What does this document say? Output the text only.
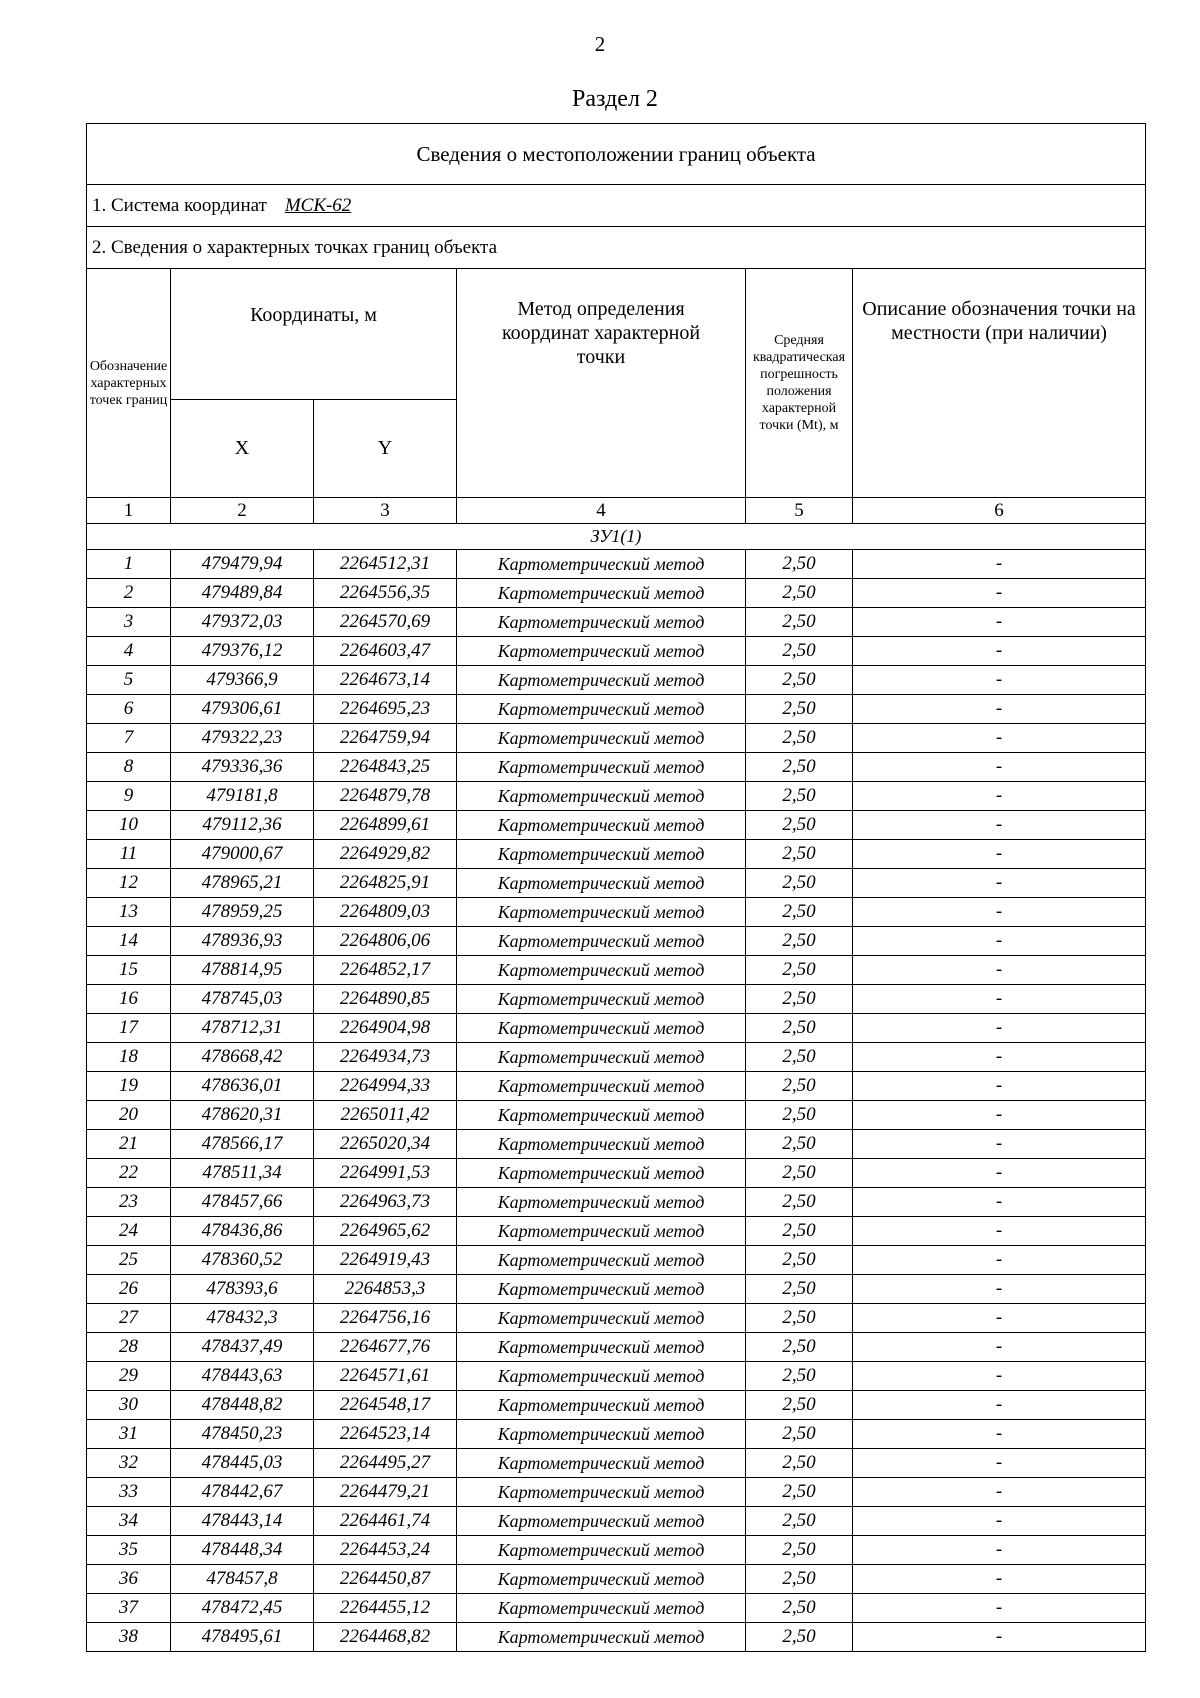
2
Раздел 2
Сведения о местоположении границ объекта					
1. Система координат МСК-62					
2. Сведения о характерных точках границ объекта					
Обозначение характерных точек границ	Координаты, м		Метод определения координат характерной точки	Средняя квадратическая погрешность положения характерной точки (Мt), м	Описание обозначения точки на местности (при наличии)
	X	Y			
1	2	3	4	5	6
ЗУ1(1)					
1	479479,94	2264512,31	Картометрический метод	2,50	-
2	479489,84	2264556,35	Картометрический метод	2,50	-
3	479372,03	2264570,69	Картометрический метод	2,50	-
4	479376,12	2264603,47	Картометрический метод	2,50	-
5	479366,9	2264673,14	Картометрический метод	2,50	-
6	479306,61	2264695,23	Картометрический метод	2,50	-
7	479322,23	2264759,94	Картометрический метод	2,50	-
8	479336,36	2264843,25	Картометрический метод	2,50	-
9	479181,8	2264879,78	Картометрический метод	2,50	-
10	479112,36	2264899,61	Картометрический метод	2,50	-
11	479000,67	2264929,82	Картометрический метод	2,50	-
12	478965,21	2264825,91	Картометрический метод	2,50	-
13	478959,25	2264809,03	Картометрический метод	2,50	-
14	478936,93	2264806,06	Картометрический метод	2,50	-
15	478814,95	2264852,17	Картометрический метод	2,50	-
16	478745,03	2264890,85	Картометрический метод	2,50	-
17	478712,31	2264904,98	Картометрический метод	2,50	-
18	478668,42	2264934,73	Картометрический метод	2,50	-
19	478636,01	2264994,33	Картометрический метод	2,50	-
20	478620,31	2265011,42	Картометрический метод	2,50	-
21	478566,17	2265020,34	Картометрический метод	2,50	-
22	478511,34	2264991,53	Картометрический метод	2,50	-
23	478457,66	2264963,73	Картометрический метод	2,50	-
24	478436,86	2264965,62	Картометрический метод	2,50	-
25	478360,52	2264919,43	Картометрический метод	2,50	-
26	478393,6	2264853,3	Картометрический метод	2,50	-
27	478432,3	2264756,16	Картометрический метод	2,50	-
28	478437,49	2264677,76	Картометрический метод	2,50	-
29	478443,63	2264571,61	Картометрический метод	2,50	-
30	478448,82	2264548,17	Картометрический метод	2,50	-
31	478450,23	2264523,14	Картометрический метод	2,50	-
32	478445,03	2264495,27	Картометрический метод	2,50	-
33	478442,67	2264479,21	Картометрический метод	2,50	-
34	478443,14	2264461,74	Картометрический метод	2,50	-
35	478448,34	2264453,24	Картометрический метод	2,50	-
36	478457,8	2264450,87	Картометрический метод	2,50	-
37	478472,45	2264455,12	Картометрический метод	2,50	-
38	478495,61	2264468,82	Картометрический метод	2,50	-
